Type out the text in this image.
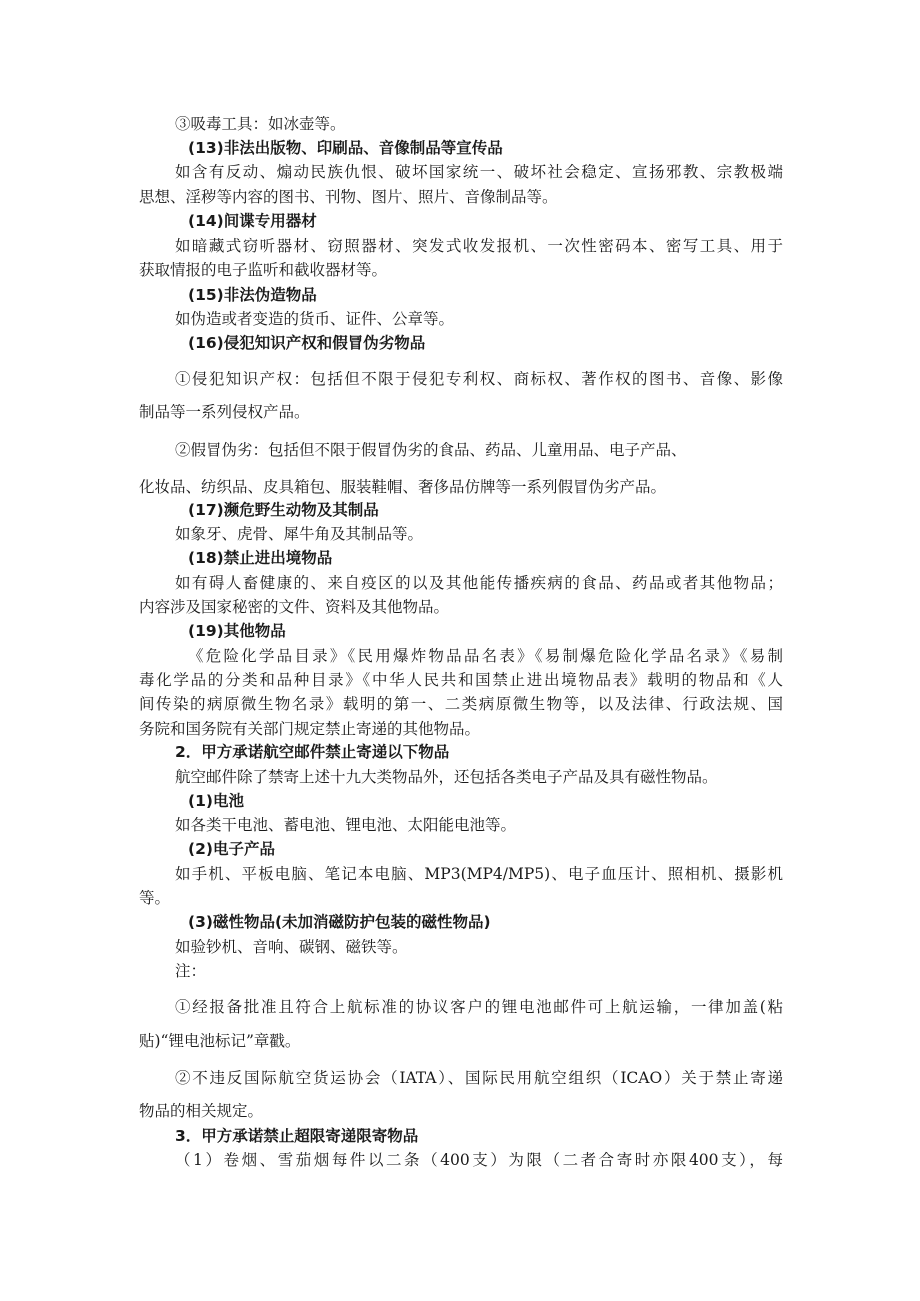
③吸毒工具：如冰壶等。
(13)非法出版物、印刷品、音像制品等宣传品
如含有反动、煽动民族仇恨、破坏国家统一、破坏社会稳定、宣扬邪教、宗教极端
思想、淫秽等内容的图书、刊物、图片、照片、音像制品等。
(14)间谍专用器材
如暗藏式窃听器材、窃照器材、突发式收发报机、一次性密码本、密写工具、用于
获取情报的电子监听和截收器材等。
(15)非法伪造物品
如伪造或者变造的货币、证件、公章等。
(16)侵犯知识产权和假冒伪劣物品
①侵犯知识产权：包括但不限于侵犯专利权、商标权、著作权的图书、音像、影像
制品等一系列侵权产品。
②假冒伪劣：包括但不限于假冒伪劣的食品、药品、儿童用品、电子产品、
化妆品、纺织品、皮具箱包、服装鞋帽、奢侈品仿牌等一系列假冒伪劣产品。
(17)濒危野生动物及其制品
如象牙、虎骨、犀牛角及其制品等。
(18)禁止进出境物品
如有碍人畜健康的、来自疫区的以及其他能传播疾病的食品、药品或者其他物品；
内容涉及国家秘密的文件、资料及其他物品。
(19)其他物品
《危险化学品目录》《民用爆炸物品品名表》《易制爆危险化学品名录》《易制
毒化学品的分类和品种目录》《中华人民共和国禁止进出境物品表》载明的物品和《人
间传染的病原微生物名录》载明的第一、二类病原微生物等，以及法律、行政法规、国
务院和国务院有关部门规定禁止寄递的其他物品。
2．甲方承诺航空邮件禁止寄递以下物品
航空邮件除了禁寄上述十九大类物品外，还包括各类电子产品及具有磁性物品。
(1)电池
如各类干电池、蓄电池、锂电池、太阳能电池等。
(2)电子产品
如手机、平板电脑、笔记本电脑、MP3(MP4/MP5)、电子血压计、照相机、摄影机
等。
(3)磁性物品(未加消磁防护包装的磁性物品)
如验钞机、音响、碳钢、磁铁等。
注：
①经报备批准且符合上航标准的协议客户的锂电池邮件可上航运输，一律加盖(粘
贴)“锂电池标记”章戳。
②不违反国际航空货运协会（IATA）、国际民用航空组织（ICAO）关于禁止寄递
物品的相关规定。
3．甲方承诺禁止超限寄递限寄物品
（1）卷烟、雪茄烟每件以二条（400支）为限（二者合寄时亦限400支），每
